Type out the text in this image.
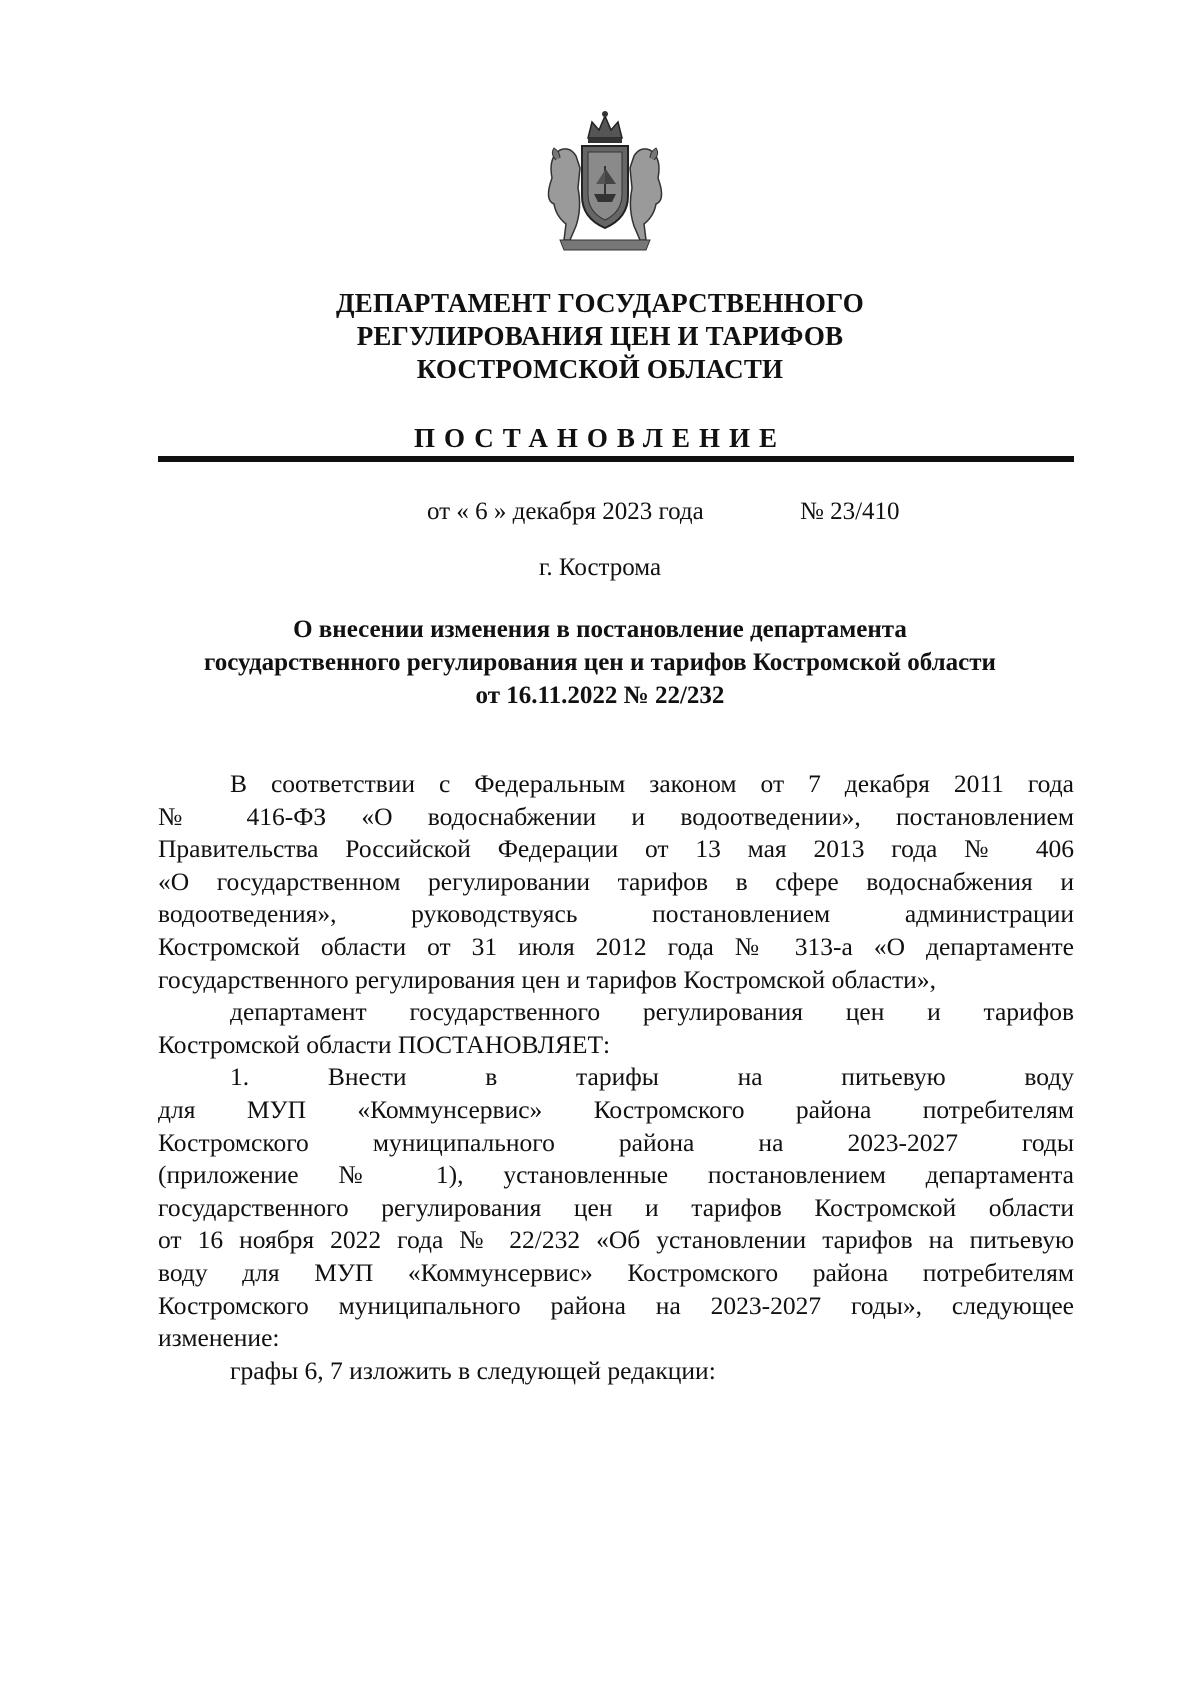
ДЕПАРТАМЕНТ ГОСУДАРСТВЕННОГО
РЕГУЛИРОВАНИЯ ЦЕН И ТАРИФОВ
КОСТРОМСКОЙ ОБЛАСТИ
ПОСТАНОВЛЕНИЕ
от « 6 » декабря 2023 года	№ 23/410
г. Кострома
О внесении изменения в постановление департамента
государственного регулирования цен и тарифов Костромской области
от 16.11.2022 № 22/232
В соответствии с Федеральным законом от 7 декабря 2011 года
№ 416-ФЗ «О водоснабжении и водоотведении», постановлением
Правительства Российской Федерации от 13 мая 2013 года № 406
«О государственном регулировании тарифов в сфере водоснабжения и
водоотведения», руководствуясь постановлением администрации
Костромской области от 31 июля 2012 года № 313-а «О департаменте
государственного регулирования цен и тарифов Костромской области»,
департамент государственного регулирования цен и тарифов
Костромской области ПОСТАНОВЛЯЕТ:
1. Внести в тарифы на питьевую воду
для МУП «Коммунсервис» Костромского района потребителям
Костромского муниципального района на 2023-2027 годы
(приложение № 1), установленные постановлением департамента
государственного регулирования цен и тарифов Костромской области
от 16 ноября 2022 года № 22/232 «Об установлении тарифов на питьевую
воду для МУП «Коммунсервис» Костромского района потребителям
Костромского муниципального района на 2023-2027 годы», следующее
изменение:
графы 6, 7 изложить в следующей редакции:
